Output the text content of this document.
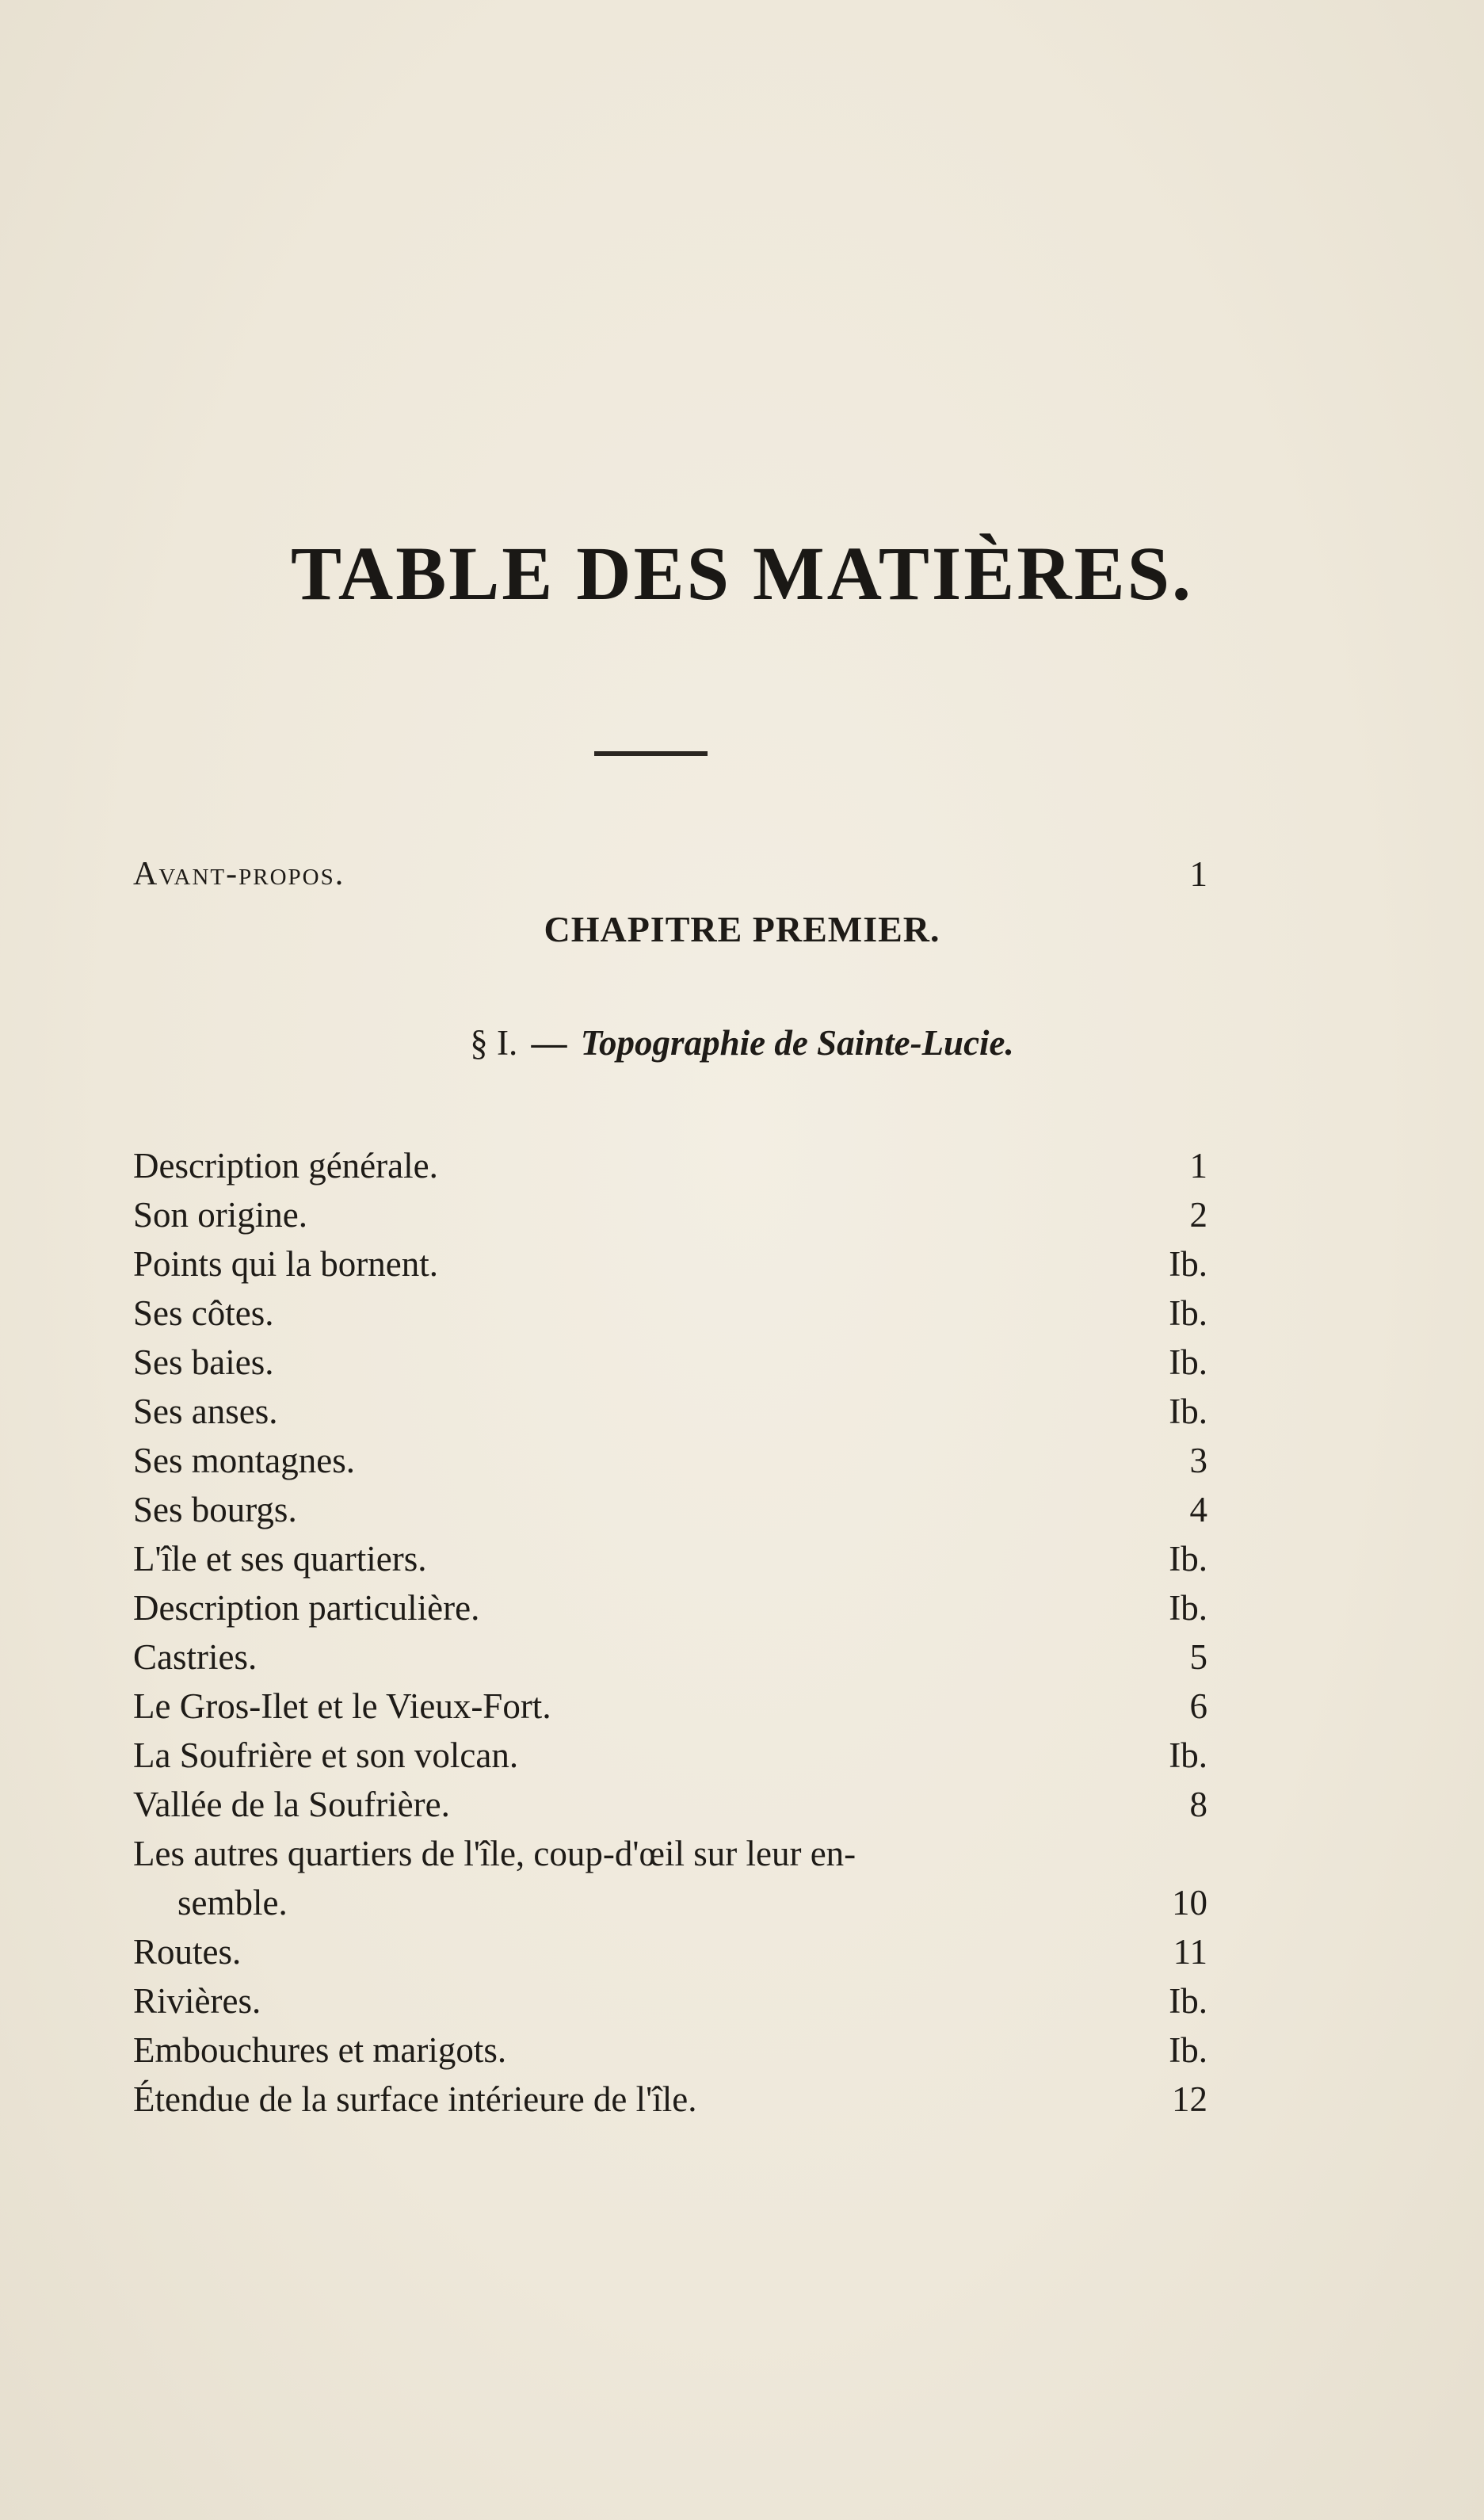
TABLE DES MATIÈRES.
Avant-propos.	1
CHAPITRE PREMIER.
§ I. — Topographie de Sainte-Lucie.
Description générale.	1
Son origine.	2
Points qui la bornent.	Ib.
Ses côtes.	Ib.
Ses baies.	Ib.
Ses anses.	Ib.
Ses montagnes.	3
Ses bourgs.	4
L'île et ses quartiers.	Ib.
Description particulière.	Ib.
Castries.	5
Le Gros-Ilet et le Vieux-Fort.	6
La Soufrière et son volcan.	Ib.
Vallée de la Soufrière.	8
Les autres quartiers de l'île, coup-d'œil sur leur en-
semble.	10
Routes.	11
Rivières.	Ib.
Embouchures et marigots.	Ib.
Étendue de la surface intérieure de l'île.	12
